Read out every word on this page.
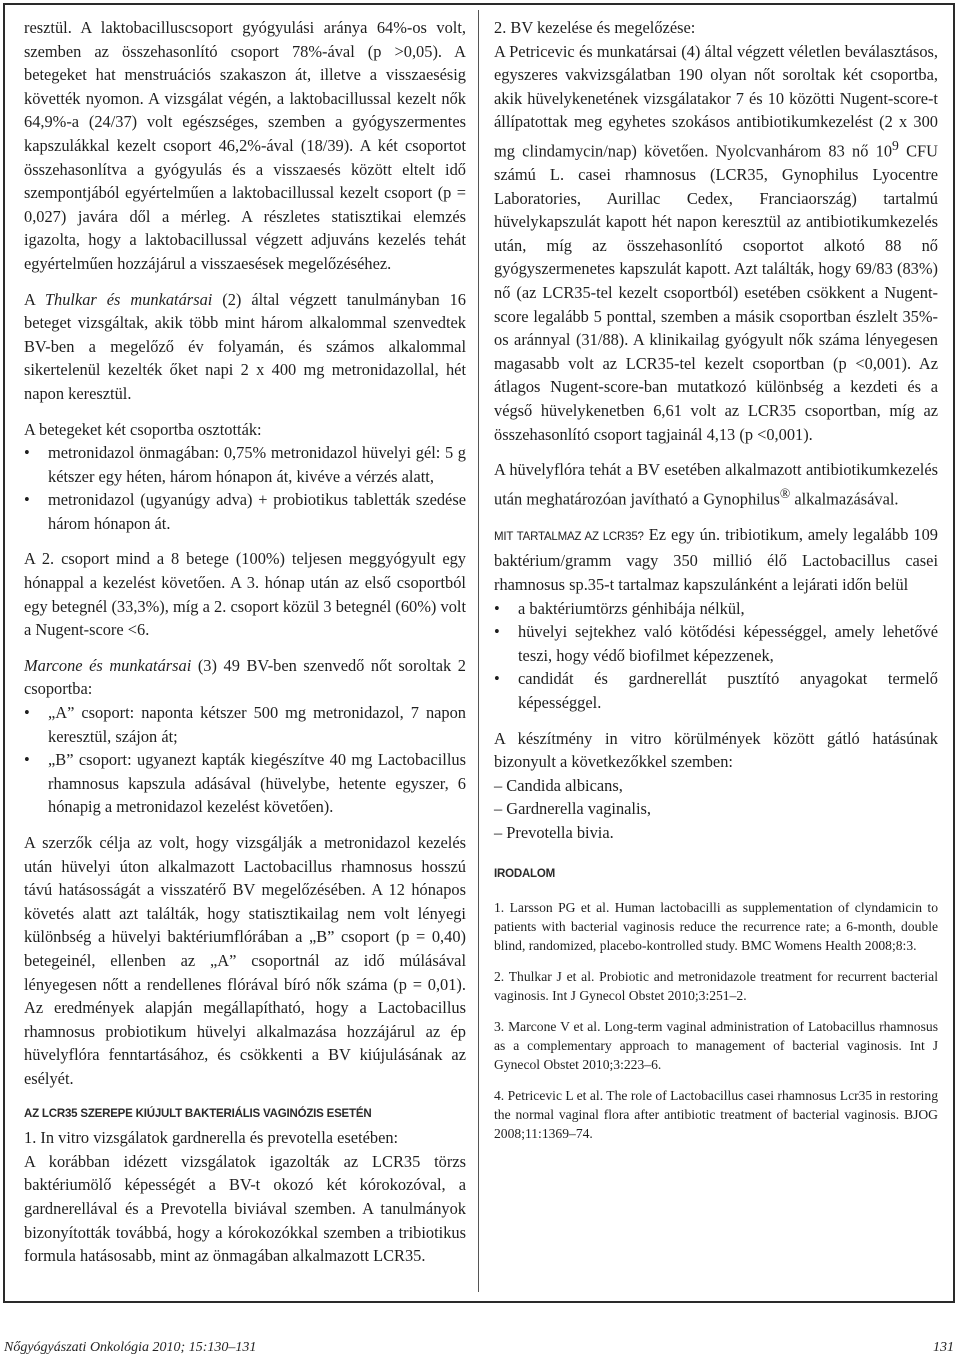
resztül. A laktobacilluscsoport gyógyulási aránya 64%-os volt, szemben az összehasonlító csoport 78%-ával (p >0,05). A betegeket hat menstruációs szakaszon át, illetve a visszaesésig követték nyomon. A vizsgálat végén, a laktobacillussal kezelt nők 64,9%-a (24/37) volt egészséges, szemben a gyógyszermentes kapszulákkal kezelt csoport 46,2%-ával (18/39). A két csoportot összehasonlítva a gyógyulás és a visszaesés között eltelt idő szempontjából egyértelműen a laktobacillussal kezelt csoport (p = 0,027) javára dől a mérleg. A részletes statisztikai elemzés igazolta, hogy a laktobacillussal végzett adjuváns kezelés tehát egyértelműen hozzájárul a visszaesések megelőzéséhez.

A Thulkar és munkatársai (2) által végzett tanulmányban 16 beteget vizsgáltak, akik több mint három alkalommal szenvedtek BV-ben a megelőző év folyamán, és számos alkalommal sikertelenül kezelték őket napi 2 x 400 mg metronidazollal, hét napon keresztül.

A betegeket két csoportba osztották:

• metronidazol önmagában: 0,75% metronidazol hüvelyi gél: 5 g kétszer egy héten, három hónapon át, kivéve a vérzés alatt,
• metronidazol (ugyanúgy adva) + probiotikus tabletták szedése három hónapon át.

A 2. csoport mind a 8 betege (100%) teljesen meggyógyult egy hónappal a kezelést követően. A 3. hónap után az első csoportból egy betegnél (33,3%), míg a 2. csoport közül 3 betegnél (60%) volt a Nugent-score <6.

Marcone és munkatársai (3) 49 BV-ben szenvedő nőt soroltak 2 csoportba:

• „A” csoport: naponta kétszer 500 mg metronidazol, 7 napon keresztül, szájon át;
• „B” csoport: ugyanezt kapták kiegészítve 40 mg Lactobacillus rhamnosus kapszula adásával (hüvelybe, hetente egyszer, 6 hónapig a metronidazol kezelést követően).

A szerzők célja az volt, hogy vizsgálják a metronidazol kezelés után hüvelyi úton alkalmazott Lactobacillus rhamnosus hosszú távú hatásosságát a visszatérő BV megelőzésében. A 12 hónapos követés alatt azt találták, hogy statisztikailag nem volt lényegi különbség a hüvelyi baktériumflórában a „B” csoport (p = 0,40) betegeinél, ellenben az „A” csoportnál az idő múlásával lényegesen nőtt a rendellenes flórával bíró nők száma (p = 0,01). Az eredmények alapján megállapítható, hogy a Lactobacillus rhamnosus probiotikum hüvelyi alkalmazása hozzájárul az ép hüvelyflóra fenntartásához, és csökkenti a BV kiújulásának az esélyét.

AZ LCR35 SZEREPE KIÚJULT BAKTERIÁLIS VAGINÓZIS ESETÉN

1. In vitro vizsgálatok gardnerella és prevotella esetében:

A korábban idézett vizsgálatok igazolták az LCR35 törzs baktériumölő képességét a BV-t okozó két kórokozóval, a gardnerellával és a Prevotella biviával szemben. A tanulmányok bizonyították továbbá, hogy a kórokozókkal szemben a tribiotikus formula hatásosabb, mint az önmagában alkalmazott LCR35.

2. BV kezelése és megelőzése:

A Petricevic és munkatársai (4) által végzett véletlen beválasztásos, egyszeres vakvizsgálatban 190 olyan nőt soroltak két csoportba, akik hüvelykenetének vizsgálatakor 7 és 10 közötti Nugent-score-t állípatottak meg egyhetes szokásos antibiotikumkezelést (2 x 300 mg clindamycin/nap) követően. Nyolcvanhárom 83 nő $10^9$ CFU számú L. casei rhamnosus (LCR35, Gynophilus Lyocentre Laboratories, Aurillac Cedex, Franciaország) tartalmú hüvelykapszulát kapott hét napon keresztül az antibiotikumkezelés után, míg az összehasonlító csoportot alkotó 88 nő gyógyszermenetes kapszulát kapott. Azt találták, hogy 69/83 (83%) nő (az LCR35-tel kezelt csoportból) esetében csökkent a Nugent-score legalább 5 ponttal, szemben a másik csoportban észlelt 35%-os aránnyal (31/88). A klinikailag gyógyult nők száma lényegesen magasabb volt az LCR35-tel kezelt csoportban (p <0,001). Az átlagos Nugent-score-ban mutatkozó különbség a kezdeti és a végső hüvelykenetben 6,61 volt az LCR35 csoportban, míg az összehasonlító csoport tagjainál 4,13 (p <0,001).

A hüvelyflóra tehát a BV esetében alkalmazott antibiotikumkezelés után meghatározóan javítható a Gynophilus® alkalmazásával.

MIT TARTALMAZ AZ LCR35? Ez egy ún. tribiotikum, amely legalább 109 baktérium/gramm vagy 350 millió élő Lactobacillus casei rhamnosus sp.35-t tartalmaz kapszulánként a lejárati időn belül

• a baktériumtörzs génhibája nélkül,
• hüvelyi sejtekhez való kötődési képességgel, amely lehetővé teszi, hogy védő biofilmet képezzenek,
• candidát és gardnerellát pusztító anyagokat termelő képességgel.

A készítmény in vitro körülmények között gátló hatásúnak bizonyult a következőkkel szemben:

– Candida albicans,

– Gardnerella vaginalis,

– Prevotella bivia.

IRODALOM

1. Larsson PG et al. Human lactobacilli as supplementation of clyndamicin to patients with bacterial vaginosis reduce the recurrence rate; a 6-month, double blind, randomized, placebo-kontrolled study. BMC Womens Health 2008;8:3.

2. Thulkar J et al. Probiotic and metronidazole treatment for recurrent bacterial vaginosis. Int J Gynecol Obstet 2010;3:251–2.

3. Marcone V et al. Long-term vaginal administration of Latobacillus rhamnosus as a complementary approach to management of bacterial vaginosis. Int J Gynecol Obstet 2010;3:223–6.

4. Petricevic L et al. The role of Lactobacillus casei rhamnosus Lcr35 in restoring the normal vaginal flora after antibiotic treatment of bacterial vaginosis. BJOG 2008;11:1369–74.

Nőgyógyászati Onkológia 2010; 15:130–131	131
